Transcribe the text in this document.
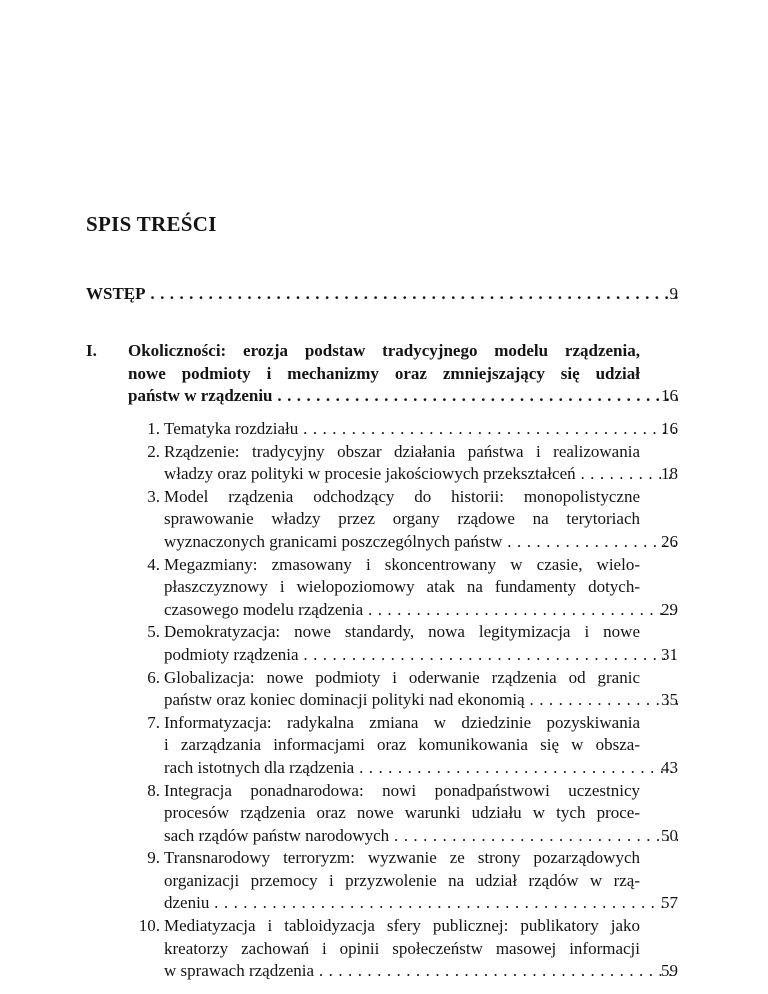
SPIS TREŚCI
WSTĘP . . .	9
I. Okoliczności: erozja podstaw tradycyjnego modelu rządzenia,
nowe podmioty i mechanizmy oraz zmniejszający się udział
państw w rządzeniu . . .	16
1. Tematyka rozdziału . . .	16
2. Rządzenie: tradycyjny obszar działania państwa i realizowania
władzy oraz polityki w procesie jakościowych przekształceń . . .	18
3. Model rządzenia odchodzący do historii: monopolistyczne
sprawowanie władzy przez organy rządowe na terytoriach
wyznaczonych granicami poszczególnych państw . . .	26
4. Megazmiany: zmasowany i skoncentrowany w czasie, wielo-
płaszczyznowy i wielopoziomowy atak na fundamenty dotych-
czasowego modelu rządzenia . . .	29
5. Demokratyzacja: nowe standardy, nowa legitymizacja i nowe
podmioty rządzenia . . .	31
6. Globalizacja: nowe podmioty i oderwanie rządzenia od granic
państw oraz koniec dominacji polityki nad ekonomią . . .	35
7. Informatyzacja: radykalna zmiana w dziedzinie pozyskiwania
i zarządzania informacjami oraz komunikowania się w obsza-
rach istotnych dla rządzenia . . .	43
8. Integracja ponadnarodowa: nowi ponadpaństwowi uczestnicy
procesów rządzenia oraz nowe warunki udziału w tych proce-
sach rządów państw narodowych . . .	50
9. Transnarodowy terroryzm: wyzwanie ze strony pozarządowych
organizacji przemocy i przyzwolenie na udział rządów w rzą-
dzeniu . . .	57
10. Mediatyzacja i tabloidyzacja sfery publicznej: publikatory jako
kreatorzy zachowań i opinii społeczeństw masowej informacji
w sprawach rządzenia . . .	59
